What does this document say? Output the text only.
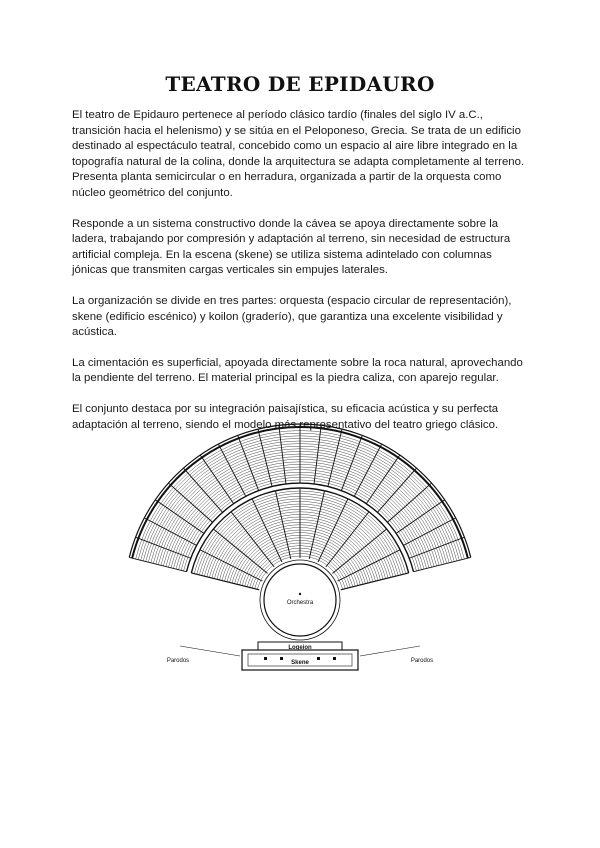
TEATRO DE EPIDAURO

El teatro de Epidauro pertenece al período clásico tardío (finales del siglo IV a.C., transición hacia el helenismo) y se sitúa en el Peloponeso, Grecia. Se trata de un edificio destinado al espectáculo teatral, concebido como un espacio al aire libre integrado en la topografía natural de la colina, donde la arquitectura se adapta completamente al terreno. Presenta planta semicircular o en herradura, organizada a partir de la orquesta como núcleo geométrico del conjunto.

Responde a un sistema constructivo donde la cávea se apoya directamente sobre la ladera, trabajando por compresión y adaptación al terreno, sin necesidad de estructura artificial compleja. En la escena (skene) se utiliza sistema adintelado con columnas jónicas que transmiten cargas verticales sin empujes laterales.

La organización se divide en tres partes: orquesta (espacio circular de representación), skene (edificio escénico) y koilon (graderío), que garantiza una excelente visibilidad y acústica.

La cimentación es superficial, apoyada directamente sobre la roca natural, aprovechando la pendiente del terreno. El material principal es la piedra caliza, con aparejo regular.

El conjunto destaca por su integración paisajística, su eficacia acústica y su perfecta adaptación al terreno, siendo el modelo más representativo del teatro griego clásico.

Orchestra
Logeion
Skene
Parodos	Parodos
